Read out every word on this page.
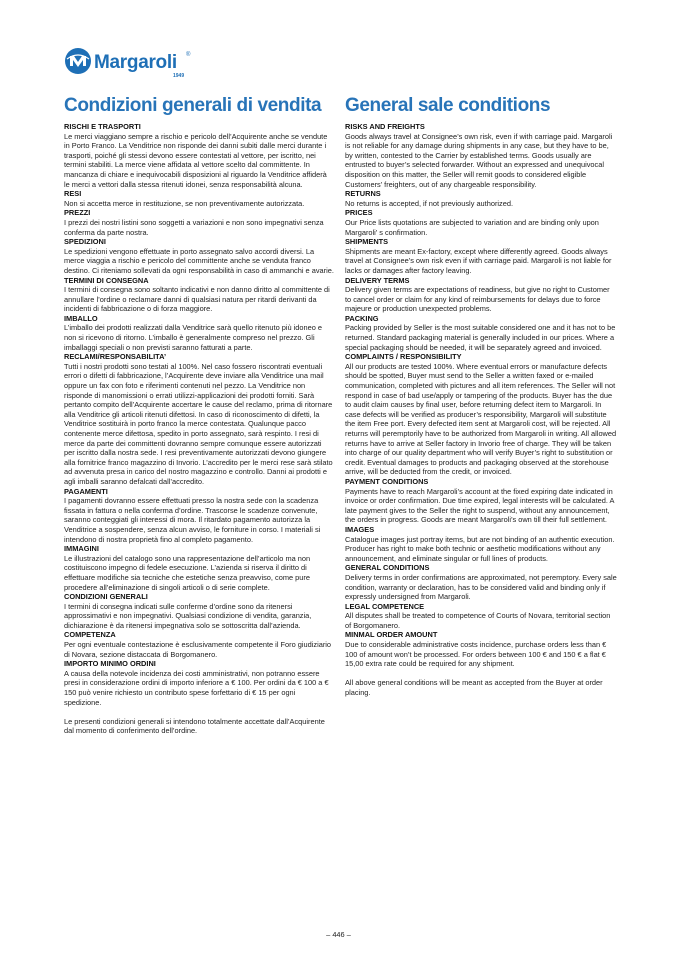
Margaroli ®
1949
Condizioni generali di vendita
RISCHI E TRASPORTI

Le merci viaggiano sempre a rischio e pericolo dell’Acquirente anche se vendute in Porto Franco. La Venditrice non risponde dei danni subiti dalle merci durante i trasporti, poiché gli stessi devono essere contestati al vettore, per iscritto, nei termini stabiliti. La merce viene affidata al vettore scelto dal committente. In mancanza di chiare e inequivocabili disposizioni al riguardo la Venditrice affiderà le merci a vettori dalla stessa ritenuti idonei, senza responsabilità alcuna.

RESI

Non si accetta merce in restituzione, se non preventivamente autorizzata.

PREZZI

I prezzi dei nostri listini sono soggetti a variazioni e non sono impegnativi senza conferma da parte nostra.

SPEDIZIONI

Le spedizioni vengono effettuate in porto assegnato salvo accordi diversi. La merce viaggia a rischio e pericolo del committente anche se venduta franco destino. Ci riteniamo sollevati da ogni responsabilità in caso di ammanchi e avarie.

TERMINI DI CONSEGNA

I termini di consegna sono soltanto indicativi e non danno diritto al committente di annullare l’ordine o reclamare danni di qualsiasi natura per ritardi derivanti da incidenti di fabbricazione o di forza maggiore.

IMBALLO

L’imballo dei prodotti realizzati dalla Venditrice sarà quello ritenuto più idoneo e non si ricevono di ritorno. L’imballo è generalmente compreso nel prezzo. Gli imballaggi speciali o non previsti saranno fatturati a parte.

RECLAMI/RESPONSABILITA’

Tutti i nostri prodotti sono testati al 100%. Nel caso fossero riscontrati eventuali errori o difetti di fabbricazione, l’Acquirente deve inviare alla Venditrice una mail oppure un fax con foto e riferimenti contenuti nel pezzo. La Venditrice non risponde di manomissioni o errati utilizzi-applicazioni dei prodotti forniti. Sarà pertanto compito dell’Acquirente accertare le cause del reclamo, prima di ritornare alla Venditrice gli articoli ritenuti difettosi. In caso di riconoscimento di difetti, la Venditrice sostituirà in porto franco la merce contestata. Qualunque pacco contenente merce difettosa, spedito in porto assegnato, sarà respinto. I resi di merce da parte dei committenti dovranno sempre comunque essere autorizzati per iscritto dalla nostra sede. I resi preventivamente autorizzati devono giungere alla fornitrice franco magazzino di Invorio. L’accredito per le merci rese sarà stilato ad avvenuta presa in carico del nostro magazzino e controllo. Danni ai prodotti e agli imballi saranno defalcati dall’accredito.

PAGAMENTI

I pagamenti dovranno essere effettuati presso la nostra sede con la scadenza fissata in fattura o nella conferma d’ordine. Trascorse le scadenze convenute, saranno conteggiati gli interessi di mora. Il ritardato pagamento autorizza la Venditrice a sospendere, senza alcun avviso, le forniture in corso. I materiali si intendono di nostra proprietà fino al completo pagamento.

IMMAGINI

Le illustrazioni del catalogo sono una rappresentazione dell’articolo ma non costituiscono impegno di fedele esecuzione. L’azienda si riserva il diritto di effettuare modifiche sia tecniche che estetiche senza preavviso, come pure procedere all’eliminazione di singoli articoli o di serie complete.

CONDIZIONI GENERALI

I termini di consegna indicati sulle conferme d’ordine sono da ritenersi approssimativi e non impegnativi. Qualsiasi condizione di vendita, garanzia, dichiarazione è da ritenersi impegnativa solo se sottoscritta dall’azienda.

COMPETENZA

Per ogni eventuale contestazione è esclusivamente competente il Foro giudiziario di Novara, sezione distaccata di Borgomanero.

IMPORTO MINIMO ORDINI

A causa della notevole incidenza dei costi amministrativi, non potranno essere presi in considerazione ordini di importo inferiore a € 100. Per ordini da € 100 a € 150 può venire richiesto un contributo spese forfettario di € 15 per ogni spedizione.

Le presenti condizioni generali si intendono totalmente accettate dall’Acquirente dal momento di conferimento dell’ordine.

General sale conditions
RISKS AND FREIGHTS

Goods always travel at Consignee’s own risk, even if with carriage paid. Margaroli is not reliable for any damage during shipments in any case, but they have to be, by written, contested to the Carrier by established terms. Goods usually are entrusted to buyer’s selected forwarder. Without an expressed and unequivocal disposition on this matter, the Seller will remit goods to considered eligible Customers’ freighters, out of any chargeable responsibility.

RETURNS

No returns is accepted, if not previously authorized.

PRICES

Our Price lists quotations are subjected to variation and are binding only upon Margaroli’ s confirmation.

SHIPMENTS

Shipments are meant Ex-factory, except where differently agreed. Goods always travel at Consignee’s own risk even if with carriage paid. Margaroli is not liable for lacks or damages after factory leaving.

DELIVERY TERMS

Delivery given terms are expectations of readiness, but give no right to Customer to cancel order or claim for any kind of reimbursements for delays due to force majeure or production unexpected problems.

PACKING

Packing provided by Seller is the most suitable considered one and it has not to be returned. Standard packaging material is generally included in our prices. Where a special packaging should be needed, it will be separately agreed and invoiced.

COMPLAINTS / RESPONSIBILITY

All our products are tested 100%. Where eventual errors or manufacture defects should be spotted, Buyer must send to the Seller a written faxed or e-mailed communication, completed with pictures and all item references. The Seller will not respond in case of bad use/apply or tampering of the products. Buyer has the due to audit claim causes by final user, before returning defect item to Margaroli. In case defects will be verified as producer’s responsibility, Margaroli will substitute the item Free port. Every defected item sent at Margaroli cost, will be rejected. All returns will peremptorily have to be authorized from Margaroli in writing. All allowed returns have to arrive at Seller factory in Invorio free of charge. They will be taken into charge of our quality department who will verify Buyer’s right to substitution or credit. Eventual damages to products and packaging observed at the storehouse arrive, will be deducted from the credit, or invoiced.

PAYMENT CONDITIONS

Payments have to reach Margaroli’s account at the fixed expiring date indicated in invoice or order confirmation. Due time expired, legal interests will be calculated. A late payment gives to the Seller the right to suspend, without any announcement, the orders in progress. Goods are meant Margaroli’s own till their full settlement.

IMAGES

Catalogue images just portray items, but are not binding of an authentic execution. Producer has right to make both technic or aesthetic modifications without any announcement, and eliminate singular or full lines of products.

GENERAL CONDITIONS

Delivery terms in order confirmations are approximated, not peremptory. Every sale condition, warranty or declaration, has to be considered valid and binding only if expressly undersigned from Margaroli.

LEGAL COMPETENCE

All disputes shall be treated to competence of Courts of Novara, territorial section of Borgomanero.

MINMAL ORDER AMOUNT

Due to considerable administrative costs incidence, purchase orders less than € 100 of amount won’t be processed. For orders between 100 € and 150 € a flat € 15,00 extra rate could be required for any shipment.

All above general conditions will be meant as accepted from the Buyer at order placing.

– 446 –
